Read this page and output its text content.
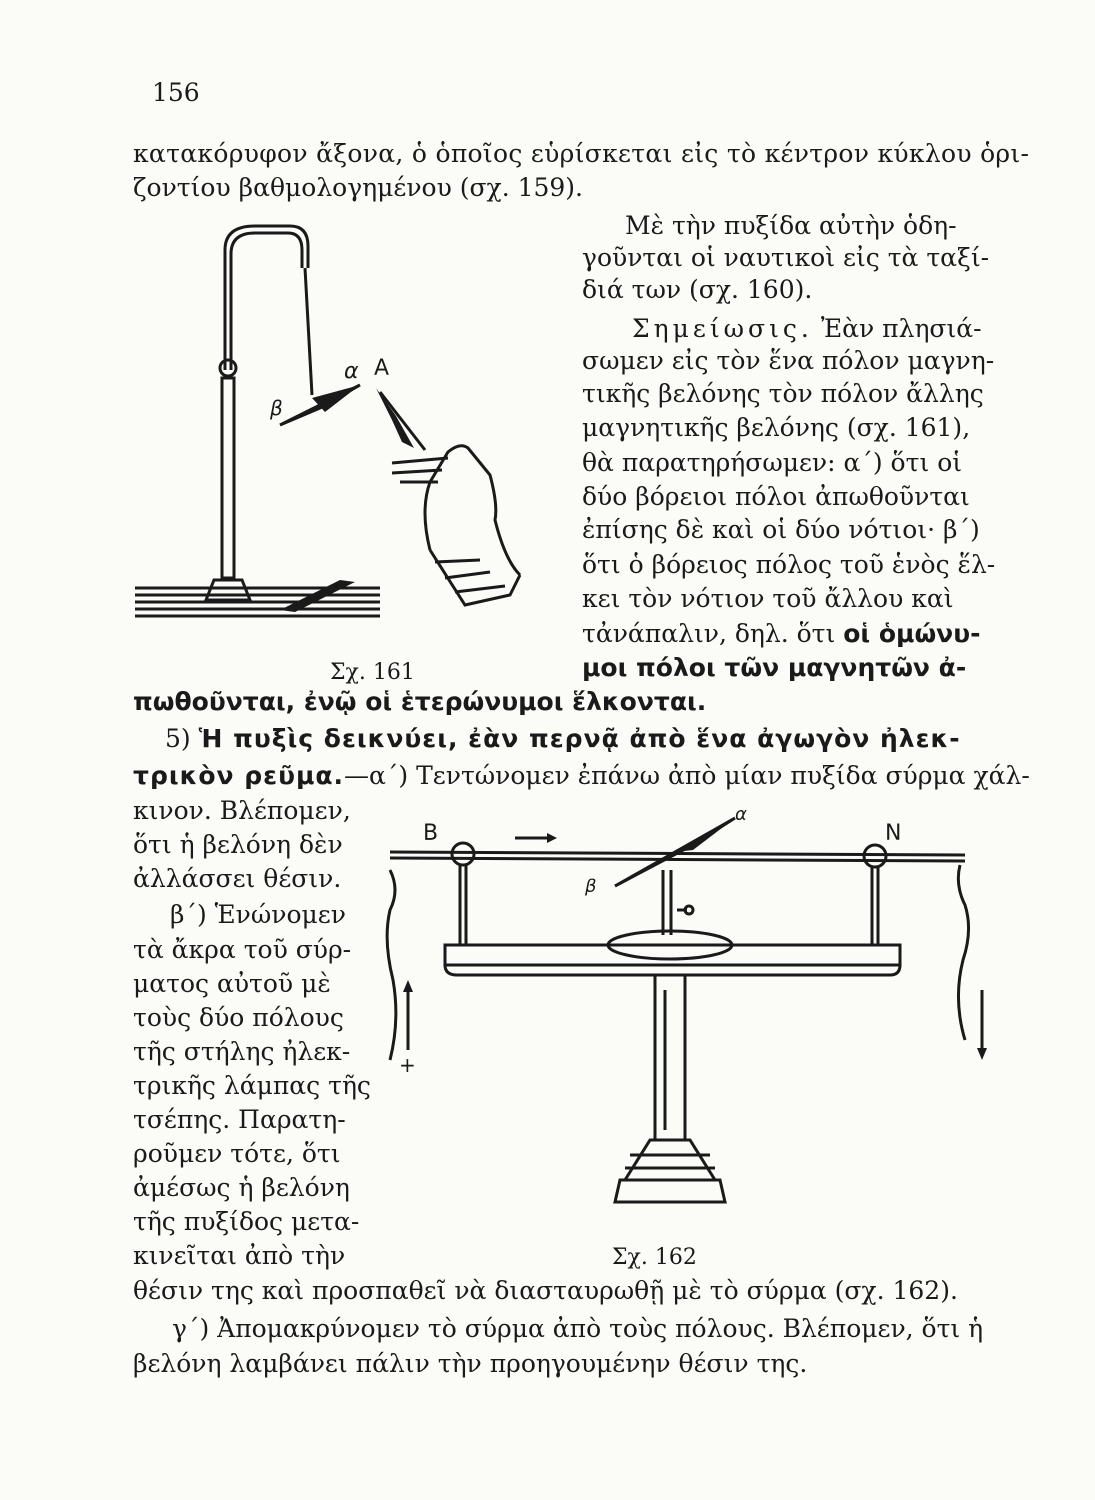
156
κατακόρυφον ἄξονα, ὁ ὁποῖος εὑρίσκεται εἰς τὸ κέντρον κύκλου ὁρι-
ζοντίου βαθμολογημένου (σχ. 159).
Μὲ τὴν πυξίδα αὐτὴν ὁδη-
γοῦνται οἱ ναυτικοὶ εἰς τὰ ταξί-
διά των (σχ. 160).
Σημείωσις. Ἐὰν πλησιά-
σωμεν εἰς τὸν ἕνα πόλον μαγνη-
τικῆς βελόνης τὸν πόλον ἄλλης
μαγνητικῆς βελόνης (σχ. 161),
θὰ παρατηρήσωμεν: α΄) ὅτι οἱ
δύο βόρειοι πόλοι ἀπωθοῦνται
ἐπίσης δὲ καὶ οἱ δύο νότιοι· β΄)
ὅτι ὁ βόρειος πόλος τοῦ ἑνὸς ἕλ-
κει τὸν νότιον τοῦ ἄλλου καὶ
τἀνάπαλιν, δηλ. ὅτι οἱ ὁμώνυ-
μοι πόλοι τῶν μαγνητῶν ἀ-
πωθοῦνται, ἐνῷ οἱ ἑτερώνυμοι ἕλκονται.
α Α
β
Σχ. 161
5) Ἡ πυξὶς δεικνύει, ἐὰν περνᾷ ἀπὸ ἕνα ἀγωγὸν ἠλεκ-
τρικὸν ρεῦμα.—α΄) Τεντώνομεν ἐπάνω ἀπὸ μίαν πυξίδα σύρμα χάλ-
κινον. Βλέπομεν,
ὅτι ἡ βελόνη δὲν
ἀλλάσσει θέσιν.
β΄) Ἑνώνομεν
τὰ ἄκρα τοῦ σύρ-
ματος αὐτοῦ μὲ
τοὺς δύο πόλους
τῆς στήλης ἠλεκ-
τρικῆς λάμπας τῆς
τσέπης. Παρατη-
ροῦμεν τότε, ὅτι
ἀμέσως ἡ βελόνη
τῆς πυξίδος μετα-
κινεῖται ἀπὸ τὴν
Β	Ν
α
β
+
Σχ. 162
θέσιν της καὶ προσπαθεῖ νὰ διασταυρωθῇ μὲ τὸ σύρμα (σχ. 162).
γ΄) Ἀπομακρύνομεν τὸ σύρμα ἀπὸ τοὺς πόλους. Βλέπομεν, ὅτι ἡ
βελόνη λαμβάνει πάλιν τὴν προηγουμένην θέσιν της.
